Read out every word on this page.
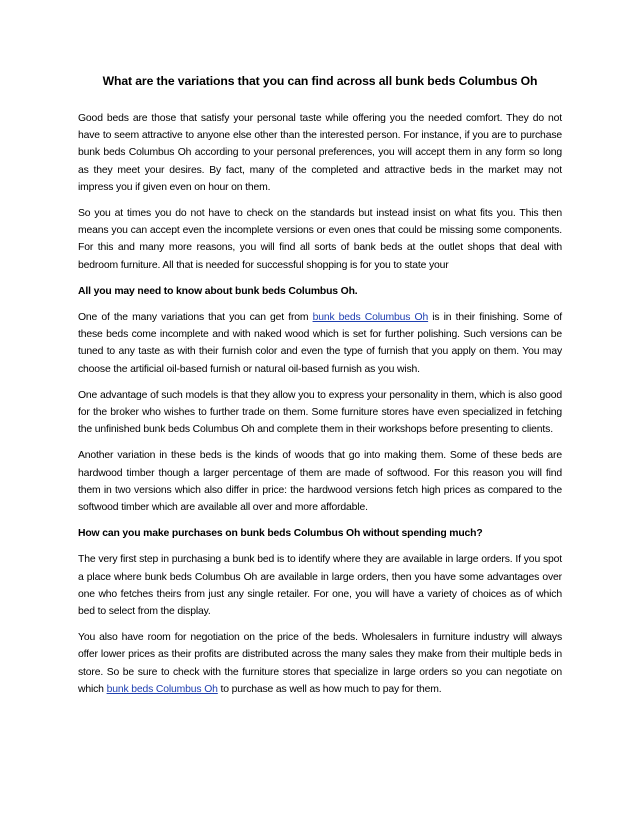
What are the variations that you can find across all bunk beds Columbus Oh

Good beds are those that satisfy your personal taste while offering you the needed comfort. They do not have to seem attractive to anyone else other than the interested person. For instance, if you are to purchase bunk beds Columbus Oh according to your personal preferences, you will accept them in any form so long as they meet your desires. By fact, many of the completed and attractive beds in the market may not impress you if given even on hour on them.

So you at times you do not have to check on the standards but instead insist on what fits you. This then means you can accept even the incomplete versions or even ones that could be missing some components. For this and many more reasons, you will find all sorts of bank beds at the outlet shops that deal with bedroom furniture. All that is needed for successful shopping is for you to state your

All you may need to know about bunk beds Columbus Oh.

One of the many variations that you can get from bunk beds Columbus Oh is in their finishing. Some of these beds come incomplete and with naked wood which is set for further polishing. Such versions can be tuned to any taste as with their furnish color and even the type of furnish that you apply on them. You may choose the artificial oil-based furnish or natural oil-based furnish as you wish.

One advantage of such models is that they allow you to express your personality in them, which is also good for the broker who wishes to further trade on them. Some furniture stores have even specialized in fetching the unfinished bunk beds Columbus Oh and complete them in their workshops before presenting to clients.

Another variation in these beds is the kinds of woods that go into making them. Some of these beds are hardwood timber though a larger percentage of them are made of softwood. For this reason you will find them in two versions which also differ in price: the hardwood versions fetch high prices as compared to the softwood timber which are available all over and more affordable.

How can you make purchases on bunk beds Columbus Oh without spending much?

The very first step in purchasing a bunk bed is to identify where they are available in large orders. If you spot a place where bunk beds Columbus Oh are available in large orders, then you have some advantages over one who fetches theirs from just any single retailer. For one, you will have a variety of choices as of which bed to select from the display.

You also have room for negotiation on the price of the beds. Wholesalers in furniture industry will always offer lower prices as their profits are distributed across the many sales they make from their multiple beds in store. So be sure to check with the furniture stores that specialize in large orders so you can negotiate on which bunk beds Columbus Oh to purchase as well as how much to pay for them.
